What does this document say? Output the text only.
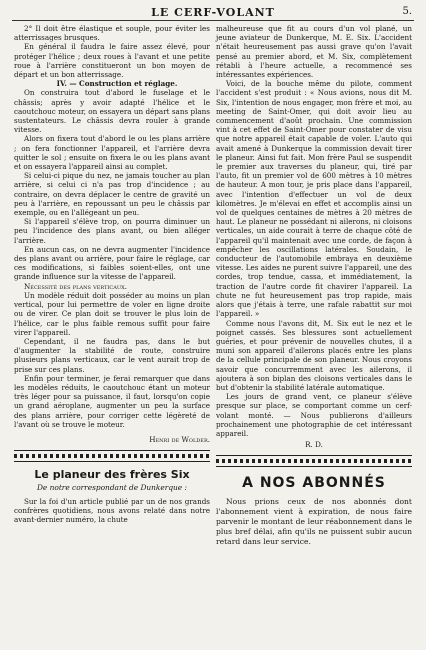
LE CERF-VOLANT	5.

2° Il doit être élastique et souple, pour éviter les atterrissages brusques.

En général il faudra le faire assez élevé, pour protéger l'hélice ; deux roues à l'avant et une petite roue à l'arrière constitueront un bon moyen de départ et un bon atterrissage.

IV. — Construction et réglage.

On construira tout d'abord le fuselage et le châssis; après y avoir adapté l'hélice et le caoutchouc moteur, on essayera un départ sans plans sustentateurs. Le châssis devra rouler à grande vitesse.

Alors on fixera tout d'abord le ou les plans arrière ; on fera fonctionner l'appareil, et l'arrière devra quitter le sol ; ensuite on fixera le ou les plans avant et on essayera l'appareil ainsi au complet.

Si celui-ci pique du nez, ne jamais toucher au plan arrière, si celui ci n'a pas trop d'incidence ; au contraire, on devra déplacer le centre de gravité un peu à l'arrière, en repoussant un peu le châssis par exemple, ou en l'allégeant un peu.

Si l'appareil s'élève trop, on pourra diminuer un peu l'incidence des plans avant, ou bien alléger l'arrière.

En aucun cas, on ne devra augmenter l'incidence des plans avant ou arrière, pour faire le réglage, car ces modifications, si faibles soient-elles, ont une grande influence sur la vitesse de l'appareil.

Nécessité des plans verticaux.

Un modèle réduit doit posséder au moins un plan vertical, pour lui permettre de voler en ligne droite ou de virer. Ce plan doit se trouver le plus loin de l'hélice, car le plus faible remous suffit pour faire virer l'appareil.

Cependant, il ne faudra pas, dans le but d'augmenter la stabilité de route, construire plusieurs plans verticaux, car le vent aurait trop de prise sur ces plans.

Enfin pour terminer, je ferai remarquer que dans les modèles réduits, le caoutchouc étant un moteur très léger pour sa puissance, il faut, lorsqu'on copie un grand aéroplane, augmenter un peu la surface des plans arrière, pour corriger cette légèreté de l'avant où se trouve le moteur.

Henri de Wolder.
Le planeur des frères Six
De notre correspondant de Dunkerque :

Sur la foi d'un article publié par un de nos grands confrères quotidiens, nous avons relaté dans notre avant-dernier numéro, la chute

malheureuse que fit au cours d'un vol plané, un jeune aviateur de Dunkerque, M. E. Six. L'accident n'était heureusement pas aussi grave qu'on l'avait pensé au premier abord, et M. Six, complètement rétabli à l'heure actuelle, a recommencé ses intéressantes expériences.

Voici, de la bouche même du pilote, comment l'accident s'est produit : « Nous avions, nous dit M. Six, l'intention de nous engager, mon frère et moi, au meeting de Saint-Omer, qui doit avoir lieu au commencement d'août prochain. Une commission vint à cet effet de Saint-Omer pour constater de visu que notre appareil était capable de voler. L'auto qui avait amené à Dunkerque la commission devait tirer le planeur. Ainsi fut fait. Mon frère Paul se suspendit le premier aux traverses du planeur, qui, tiré par l'auto, fit un premier vol de 600 mètres à 10 mètres de hauteur. A mon tour, je pris place dans l'appareil, avec l'intention d'effectuer un vol de deux kilomètres. Je m'élevai en effet et accomplis ainsi un vol de quelques centaines de mètres à 20 mètres de haut. Le planeur ne possédant ni ailerons, ni cloisons verticales, un aide courait à terre de chaque côté de l'appareil qu'il maintenait avec une corde, de façon à empêcher les oscillations latérales. Soudain, le conducteur de l'automobile embraya en deuxième vitesse. Les aides ne purent suivre l'appareil, une des cordes, trop tendue, cassa, et immédiatement, la traction de l'autre corde fit chavirer l'appareil. La chute ne fut heureusement pas trop rapide, mais alors que j'étais à terre, une rafale rabattit sur moi l'appareil. »

Comme nous l'avons dit, M. Six eut le nez et le poignet cassés. Ses blessures sont actuellement guéries, et pour prévenir de nouvelles chutes, il a muni son appareil d'ailerons placés entre les plans de la cellule principale de son planeur. Nous croyons savoir que concurremment avec les ailerons, il ajoutera à son biplan des cloisons verticales dans le but d'obtenir la stabilité latérale automatique.

Les jours de grand vent, ce planeur s'élève presque sur place, se comportant comme un cerf-volant monté. — Nous publierons d'ailleurs prochainement une photographie de cet intéressant appareil.

R. D.
A NOS ABONNÉS

Nous prions ceux de nos abonnés dont l'abonnement vient à expiration, de nous faire parvenir le montant de leur réabonnement dans le plus bref délai, afin qu'ils ne puissent subir aucun retard dans leur service.
